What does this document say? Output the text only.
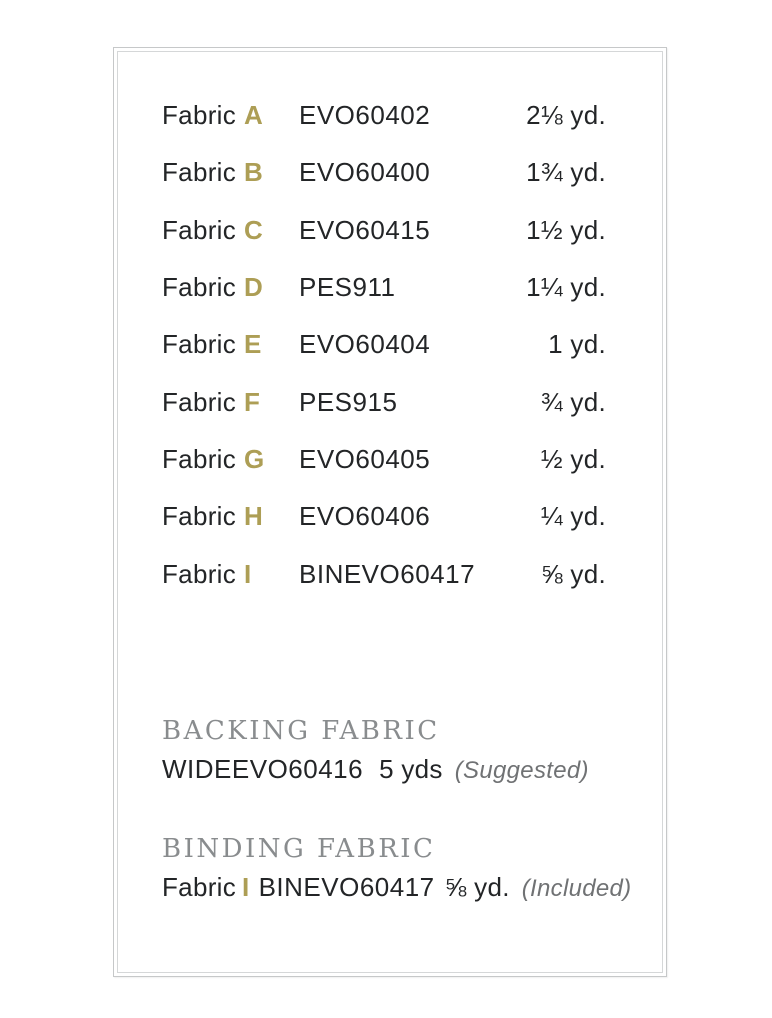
Fabric A	EVO60402	2⅛ yd.
Fabric B	EVO60400	1¾ yd.
Fabric C	EVO60415	1½ yd.
Fabric D	PES911	1¼ yd.
Fabric E	EVO60404	1 yd.
Fabric F	PES915	¾ yd.
Fabric G	EVO60405	½ yd.
Fabric H	EVO60406	¼ yd.
Fabric I	BINEVO60417	⅝ yd.
BACKING FABRIC
WIDEEVO60416 5 yds (Suggested)
BINDING FABRIC
Fabric I BINEVO60417 ⅝ yd. (Included)
